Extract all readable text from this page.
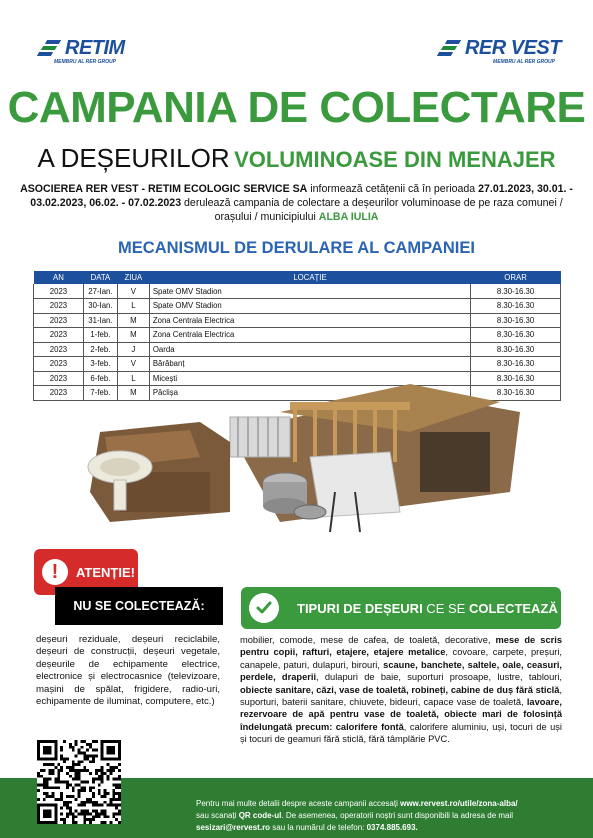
RETIM
MEMBRU AL RER GROUP
RER VEST
MEMBRU AL RER GROUP
CAMPANIA DE COLECTARE
A DEȘEURILOR VOLUMINOASE DIN MENAJER
ASOCIEREA RER VEST - RETIM ECOLOGIC SERVICE SA informează cetățenii că în perioada 27.01.2023, 30.01. - 03.02.2023, 06.02. - 07.02.2023 derulează campania de colectare a deșeurilor voluminoase de pe raza comunei / orașului / municipiului ALBA IULIA
MECANISMUL DE DERULARE AL CAMPANIEI
AN	DATA	ZIUA	LOCAȚIE	ORAR
2023	27-Ian.	V	Spate OMV Stadion	8.30-16.30
2023	30-Ian.	L	Spate OMV Stadion	8.30-16.30
2023	31-Ian.	M	Zona Centrala Electrica	8.30-16.30
2023	1-feb.	M	Zona Centrala Electrica	8.30-16.30
2023	2-feb.	J	Oarda	8.30-16.30
2023	3-feb.	V	Bărăbanț	8.30-16.30
2023	6-feb.	L	Micești	8.30-16.30
2023	7-feb.	M	Pâclișa	8.30-16.30
!	ATENȚIE!
NU SE COLECTEAZĂ:	TIPURI DE DEȘEURI CE SE COLECTEAZĂ
deșeuri reziduale, deșeuri reciclabile, deșeuri de construcții, deșeuri vegetale, deșeurile de echipamente electrice, electronice și electrocasnice (televizoare, mașini de spălat, frigidere, radio-uri, echipamente de iluminat, computere, etc.)
mobilier, comode, mese de cafea, de toaletă, decorative, mese de scris pentru copii, rafturi, etajere, etajere metalice, covoare, carpete, preșuri, canapele, paturi, dulapuri, birouri, scaune, banchete, saltele, oale, ceasuri, perdele, draperii, dulapuri de baie, suporturi prosoape, lustre, tablouri, obiecte sanitare, căzi, vase de toaletă, robineți, cabine de duș fără sticlă, suporturi, baterii sanitare, chiuvete, bideuri, capace vase de toaletă, lavoare, rezervoare de apă pentru vase de toaletă, obiecte mari de folosință îndelungată precum: calorifere fontă, calorifere aluminiu, uși, tocuri de uși și tocuri de geamuri fără sticlă, fără tâmplărie PVC.
Pentru mai multe detalii despre aceste campanii accesați www.rervest.ro/utile/zona-alba/
sau scanați QR code-ul. De asemenea, operatorii noștri sunt disponibili la adresa de mail
sesizari@rervest.ro sau la numărul de telefon: 0374.885.693.
